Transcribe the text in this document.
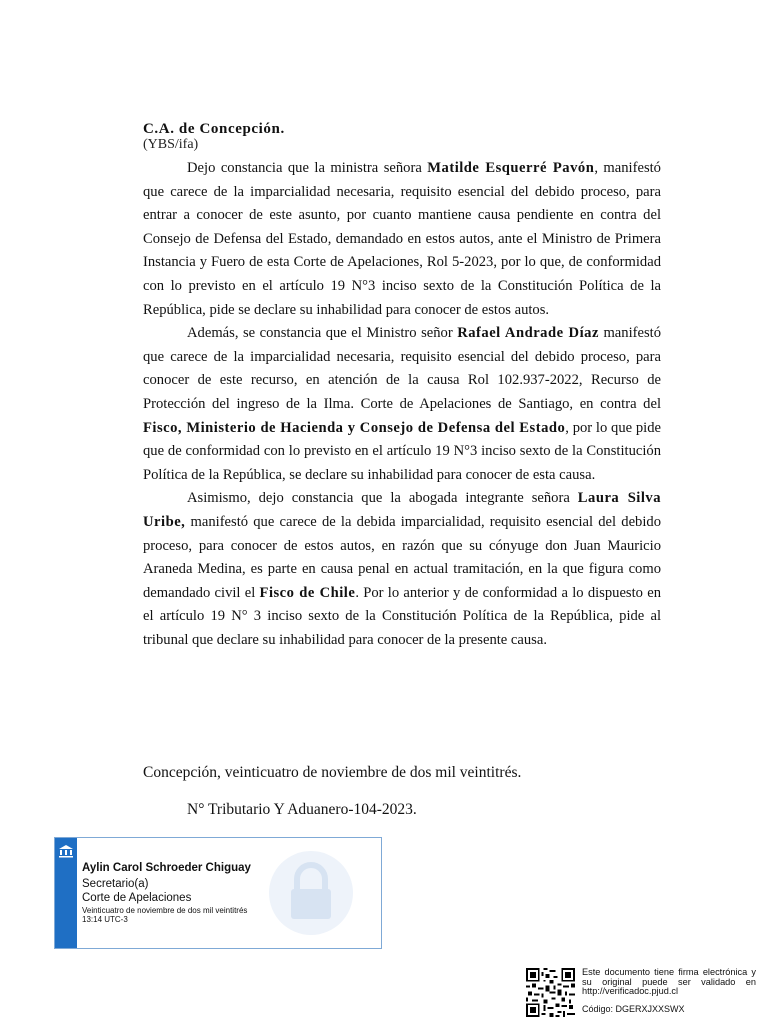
C.A. de Concepción.
(YBS/ifa)

Dejo constancia que la ministra señora Matilde Esquerré Pavón, manifestó que carece de la imparcialidad necesaria, requisito esencial del debido proceso, para entrar a conocer de este asunto, por cuanto mantiene causa pendiente en contra del Consejo de Defensa del Estado, demandado en estos autos, ante el Ministro de Primera Instancia y Fuero de esta Corte de Apelaciones, Rol 5-2023, por lo que, de conformidad con lo previsto en el artículo 19 N°3 inciso sexto de la Constitución Política de la República, pide se declare su inhabilidad para conocer de estos autos.

Además, se constancia que el Ministro señor Rafael Andrade Díaz manifestó que carece de la imparcialidad necesaria, requisito esencial del debido proceso, para conocer de este recurso, en atención de la causa Rol 102.937-2022, Recurso de Protección del ingreso de la Ilma. Corte de Apelaciones de Santiago, en contra del Fisco, Ministerio de Hacienda y Consejo de Defensa del Estado, por lo que pide que de conformidad con lo previsto en el artículo 19 N°3 inciso sexto de la Constitución Política de la República, se declare su inhabilidad para conocer de esta causa.

Asimismo, dejo constancia que la abogada integrante señora Laura Silva Uribe, manifestó que carece de la debida imparcialidad, requisito esencial del debido proceso, para conocer de estos autos, en razón que su cónyuge don Juan Mauricio Araneda Medina, es parte en causa penal en actual tramitación, en la que figura como demandado civil el Fisco de Chile. Por lo anterior y de conformidad a lo dispuesto en el artículo 19 N° 3 inciso sexto de la Constitución Política de la República, pide al tribunal que declare su inhabilidad para conocer de la presente causa.

Concepción, veinticuatro de noviembre de dos mil veintitrés.
N° Tributario Y Aduanero-104-2023.
Aylin Carol Schroeder Chiguay
Secretario(a)
Corte de Apelaciones
Veinticuatro de noviembre de dos mil veintitrés
13:14 UTC-3
Este documento tiene firma electrónica y su original puede ser validado en http://verificadoc.pjud.cl
Código: DGERXJXXSWX
